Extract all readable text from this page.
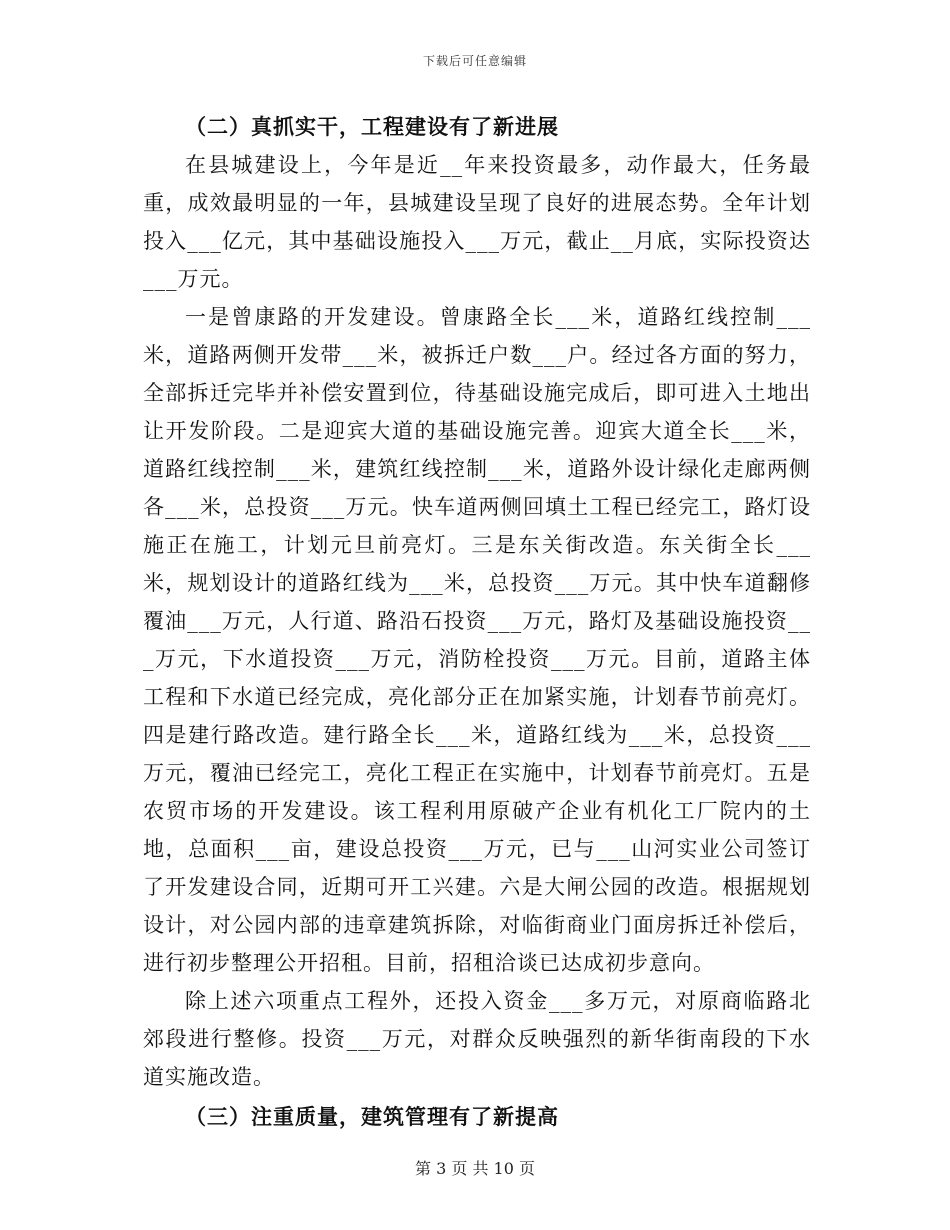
下载后可任意编辑
（二）真抓实干，工程建设有了新进展

在县城建设上，今年是近__年来投资最多，动作最大，任务最重，成效最明显的一年，县城建设呈现了良好的进展态势。全年计划投入___亿元，其中基础设施投入___万元，截止__月底，实际投资达___万元。

一是曾康路的开发建设。曾康路全长___米，道路红线控制___米，道路两侧开发带___米，被拆迁户数___户。经过各方面的努力，全部拆迁完毕并补偿安置到位，待基础设施完成后，即可进入土地出让开发阶段。二是迎宾大道的基础设施完善。迎宾大道全长___米，道路红线控制___米，建筑红线控制___米，道路外设计绿化走廊两侧各___米，总投资___万元。快车道两侧回填土工程已经完工，路灯设施正在施工，计划元旦前亮灯。三是东关街改造。东关街全长___米，规划设计的道路红线为___米，总投资___万元。其中快车道翻修覆油___万元，人行道、路沿石投资___万元，路灯及基础设施投资___万元，下水道投资___万元，消防栓投资___万元。目前，道路主体工程和下水道已经完成，亮化部分正在加紧实施，计划春节前亮灯。四是建行路改造。建行路全长___米，道路红线为___米，总投资___万元，覆油已经完工，亮化工程正在实施中，计划春节前亮灯。五是农贸市场的开发建设。该工程利用原破产企业有机化工厂院内的土地，总面积___亩，建设总投资___万元，已与___山河实业公司签订了开发建设合同，近期可开工兴建。六是大闸公园的改造。根据规划设计，对公园内部的违章建筑拆除，对临街商业门面房拆迁补偿后，进行初步整理公开招租。目前，招租洽谈已达成初步意向。

除上述六项重点工程外，还投入资金___多万元，对原商临路北郊段进行整修。投资___万元，对群众反映强烈的新华街南段的下水道实施改造。

（三）注重质量，建筑管理有了新提高
第 3 页 共 10 页
